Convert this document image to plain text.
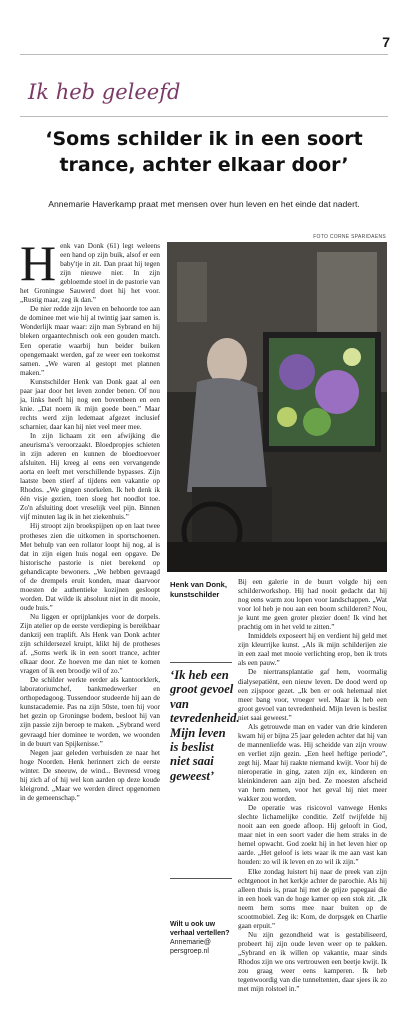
7
Ik heb geleefd
‘Soms schilder ik in een soort trance, achter elkaar door’
Annemarie Haverkamp praat met mensen over hun leven en het einde dat nadert.
FOTO CORNE SPARIDAENS
H enk van Donk (61) legt weleens een hand op zijn buik, alsof er een baby'tje in zit. Dan praat hij tegen zijn nieuwe nier. In zijn gebloemde stoel in de pastorie van het Groningse Sauwerd doet hij het voor. „Rustig maar, zeg ik dan.”

De nier redde zijn leven en behoorde toe aan de dominee met wie hij al twintig jaar samen is. Wonderlijk maar waar: zijn man Sybrand en hij bleken orgaantechnisch ook een gouden match. Een operatie waarbij hun beider buiken opengemaakt werden, gaf ze weer een toekomst samen. „We waren al gestopt met plannen maken.”

Kunstschilder Henk van Donk gaat al een paar jaar door het leven zonder benen. Of nou ja, links heeft hij nog een bovenbeen en een knie. „Dat noem ik mijn goede been.” Maar rechts werd zijn ledemaat afgezet inclusief scharnier, daar kan hij niet veel meer mee.

In zijn lichaam zit een afwijking die aneurisma's veroorzaakt. Bloedpropjes schieten in zijn aderen en kunnen de bloedtoevoer afsluiten. Hij kreeg al eens een vervangende aorta en leeft met verschillende bypasses. Zijn laatste been stierf af tijdens een vakantie op Rhodos. „We gingen snorkelen. Ik heb denk ik één visje gezien, toen sloeg het noodlot toe. Zo'n afsluiting doet vreselijk veel pijn. Binnen vijf minuten lag ik in het ziekenhuis.”

Hij stroopt zijn broekspijpen op en laat twee protheses zien die uitkomen in sportschoenen. Met behulp van een rollator loopt hij nog, al is dat in zijn eigen huis nogal een opgave. De historische pastorie is niet berekend op gehandicapte bewoners. „We hebben gevraagd of de drempels eruit konden, maar daarvoor moesten de authentieke kozijnen gesloopt worden. Dat wilde ik absoluut niet in dit mooie, oude huis.”

Nu liggen er oprijplankjes voor de dorpels. Zijn atelier op de eerste verdieping is bereikbaar dankzij een traplift. Als Henk van Donk achter zijn schildersezel kruipt, klikt hij de protheses af. „Soms werk ik in een soort trance, achter elkaar door. Ze hoeven me dan niet te komen vragen of ik een broodje wil of zo.”

De schilder werkte eerder als kantoorklerk, laboratoriumchef, bankmedewerker en orthopedagoog. Tussendoor studeerde hij aan de kunstacademie. Pas na zijn 50ste, toen hij voor het gezin op Groningse bodem, besloot hij van zijn passie zijn beroep te maken. „Sybrand werd gevraagd hier dominee te worden, we woonden in de buurt van Spijkenisse.”

Negen jaar geleden verhuisden ze naar het hoge Noorden. Henk herinnert zich de eerste winter. De sneeuw, de wind... Bevreesd vroeg hij zich af of hij wel kon aarden op deze koude kleigrond. „Maar we werden direct opgenomen in de gemeenschap.”

Henk van Donk, kunstschilder
‘Ik heb een groot gevoel van tevredenheid. Mijn leven is beslist niet saai geweest’
Wilt u ook uw verhaal vertellen?
Annemarie@ persgroep.nl

Bij een galerie in de buurt volgde hij een schilderworkshop. Hij had nooit gedacht dat hij nog eens warm zou lopen voor landschappen. „Wat voor lol heb je nou aan een boom schilderen? Nou, je kunt me geen groter plezier doen! Ik vind het prachtig om in het veld te zitten.”

Inmiddels exposeert hij en verdient hij geld met zijn kleurrijke kunst. „Als ik mijn schilderijen zie in een zaal met mooie verlichting erop, ben ik trots als een pauw.”

De niertransplantatie gaf hem, voormalig dialysepatiënt, een nieuw leven. De dood werd op een zijspoor gezet. „Ik ben er ook helemaal niet meer bang voor, vroeger wel. Maar ik heb een groot gevoel van tevredenheid. Mijn leven is beslist niet saai geweest.”

Als getrouwde man en vader van drie kinderen kwam hij er bijna 25 jaar geleden achter dat hij van de mannenliefde was. Hij scheidde van zijn vrouw en verliet zijn gezin. „Een heel heftige periode”, zegt hij. Maar hij raakte niemand kwijt. Voor hij de nieroperatie in ging, zaten zijn ex, kinderen en kleinkinderen aan zijn bed. Ze moesten afscheid van hem nemen, voor het geval hij niet meer wakker zou worden.

De operatie was risicovol vanwege Henks slechte lichamelijke conditie. Zelf twijfelde hij nooit aan een goede afloop. Hij gelooft in God, maar niet in een soort vader die hem straks in de hemel opwacht. God zoekt hij in het leven hier op aarde. „Het geloof is iets waar ik me aan vast kan houden: zo wil ik leven en zo wil ik zijn.”

Elke zondag luistert hij naar de preek van zijn echtgenoot in het kerkje achter de parochie. Als hij alleen thuis is, praat hij met de grijze papegaai die in een hoek van de hoge kamer op een stok zit. „Ik neem hem soms mee naar buiten op de scootmobiel. Zeg ik: Kom, de dorpsgek en Charlie gaan erpuit.”

Nu zijn gezondheid wat is gestabiliseerd, probeert hij zijn oude leven weer op te pakken. „Sybrand en ik willen op vakantie, maar sinds Rhodos zijn we ons vertrouwen een beetje kwijt. Ik zou graag weer eens kamperen. Ik heb tegenwoordig van die tunneltenten, daar sjees ik zo met mijn rolstoel in.”
